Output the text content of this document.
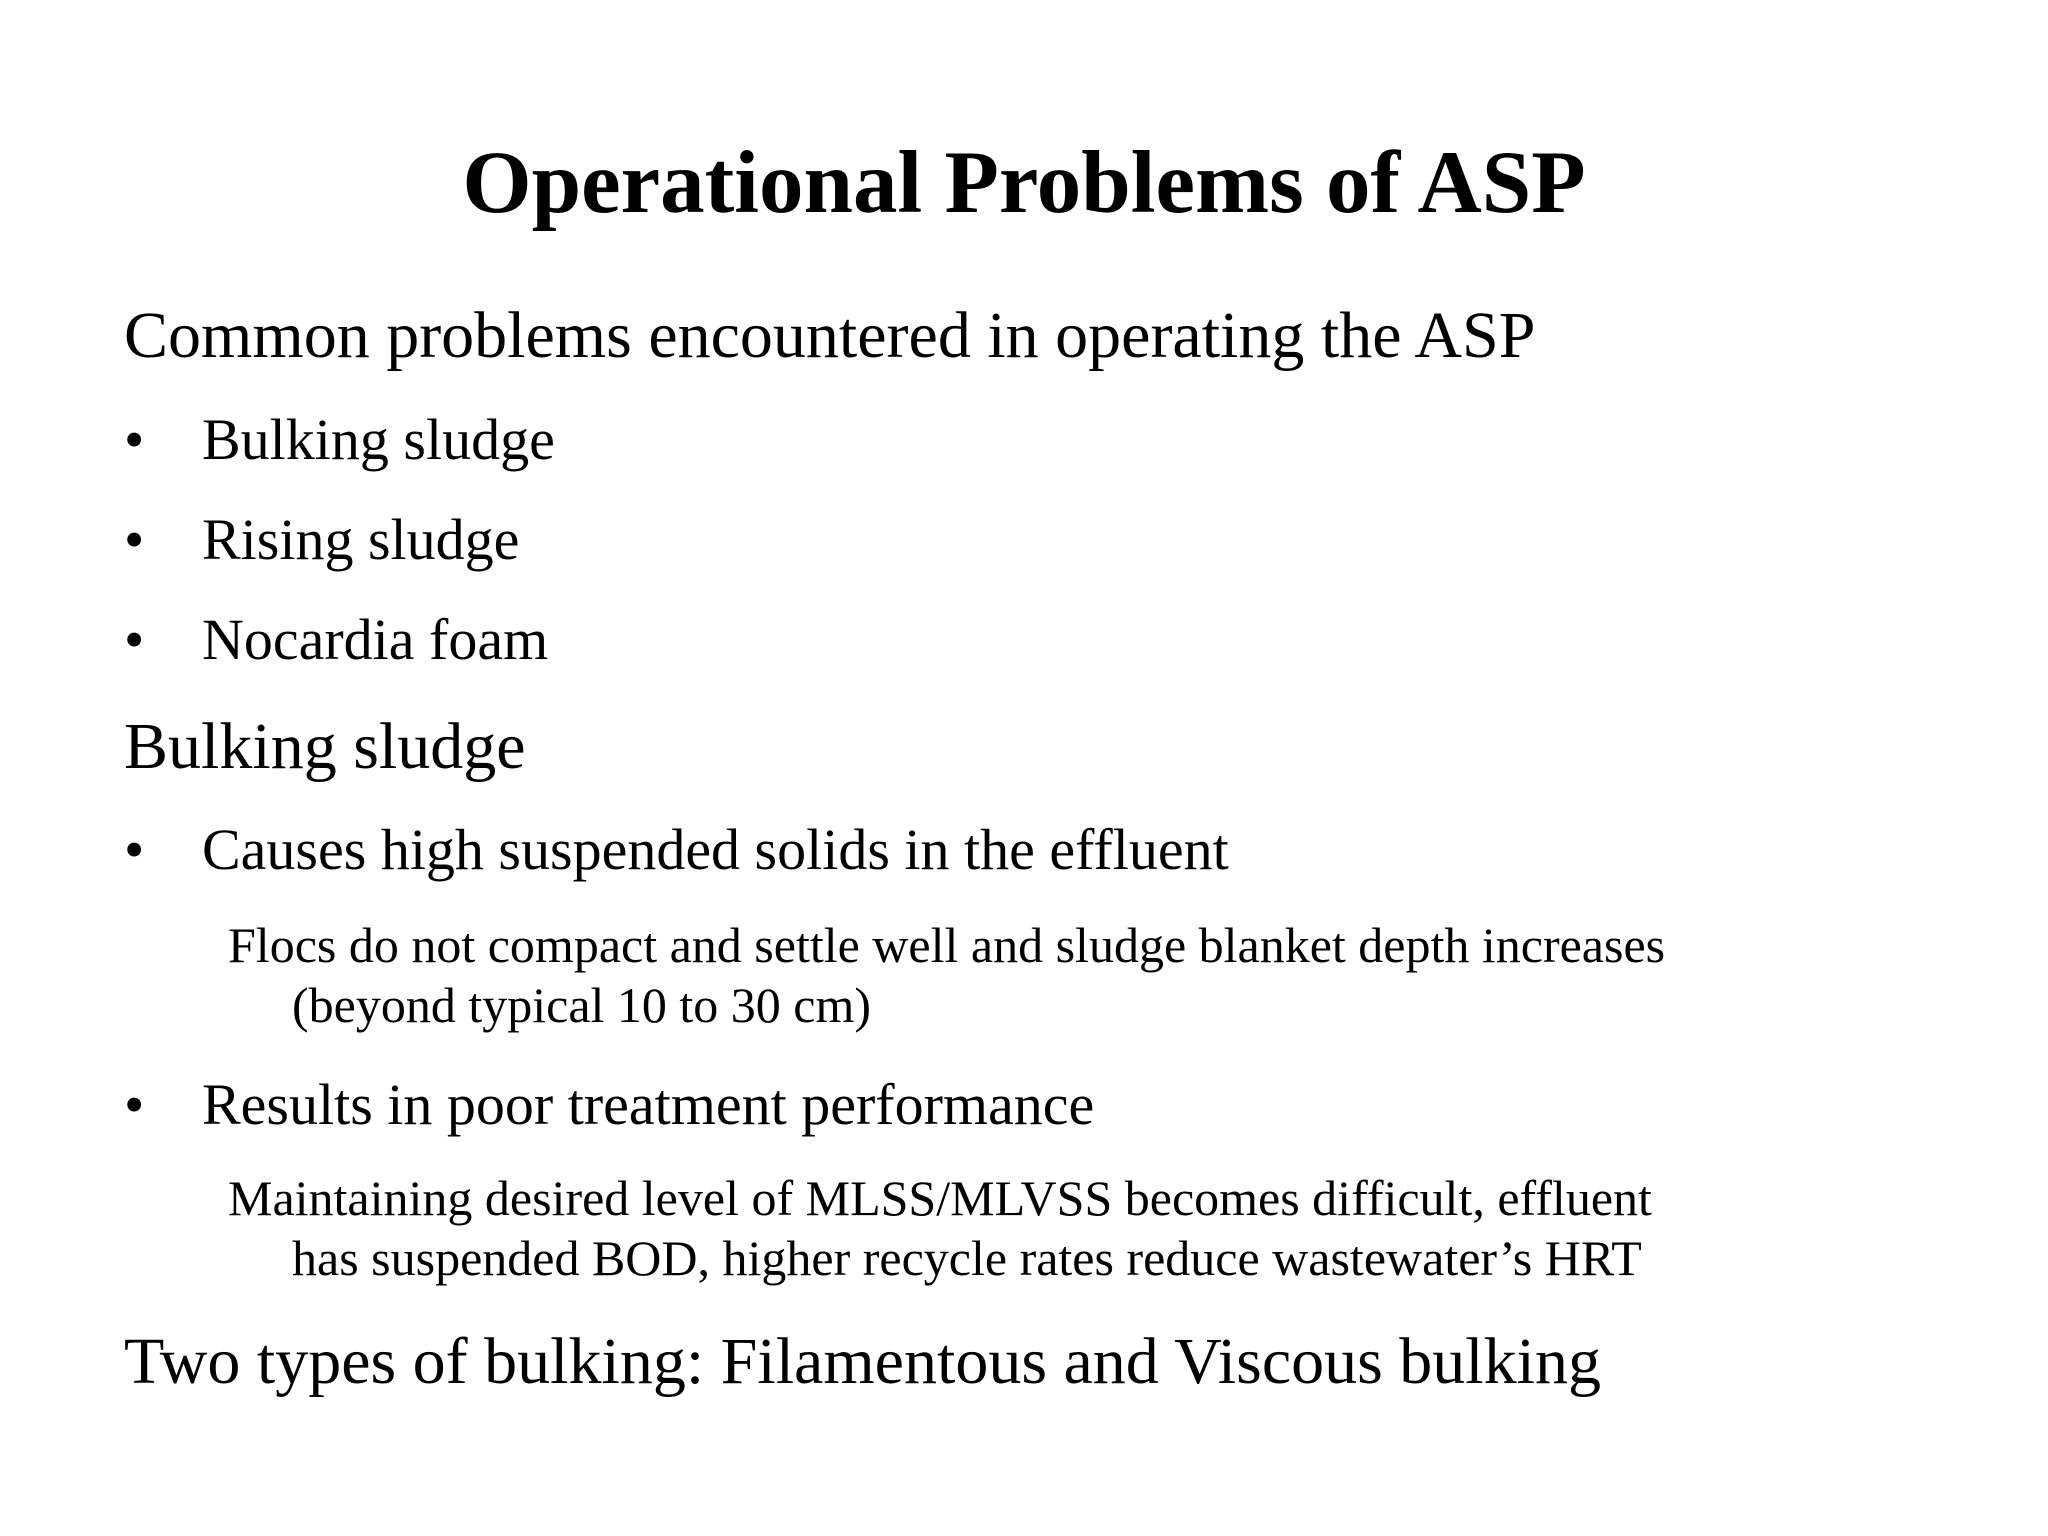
Operational Problems of ASP
Common problems encountered in operating the ASP
• Bulking sludge
• Rising sludge
• Nocardia foam
Bulking sludge
• Causes high suspended solids in the effluent
Flocs do not compact and settle well and sludge blanket depth increases
(beyond typical 10 to 30 cm)
• Results in poor treatment performance
Maintaining desired level of MLSS/MLVSS becomes difficult, effluent
has suspended BOD, higher recycle rates reduce wastewater’s HRT
Two types of bulking: Filamentous and Viscous bulking
